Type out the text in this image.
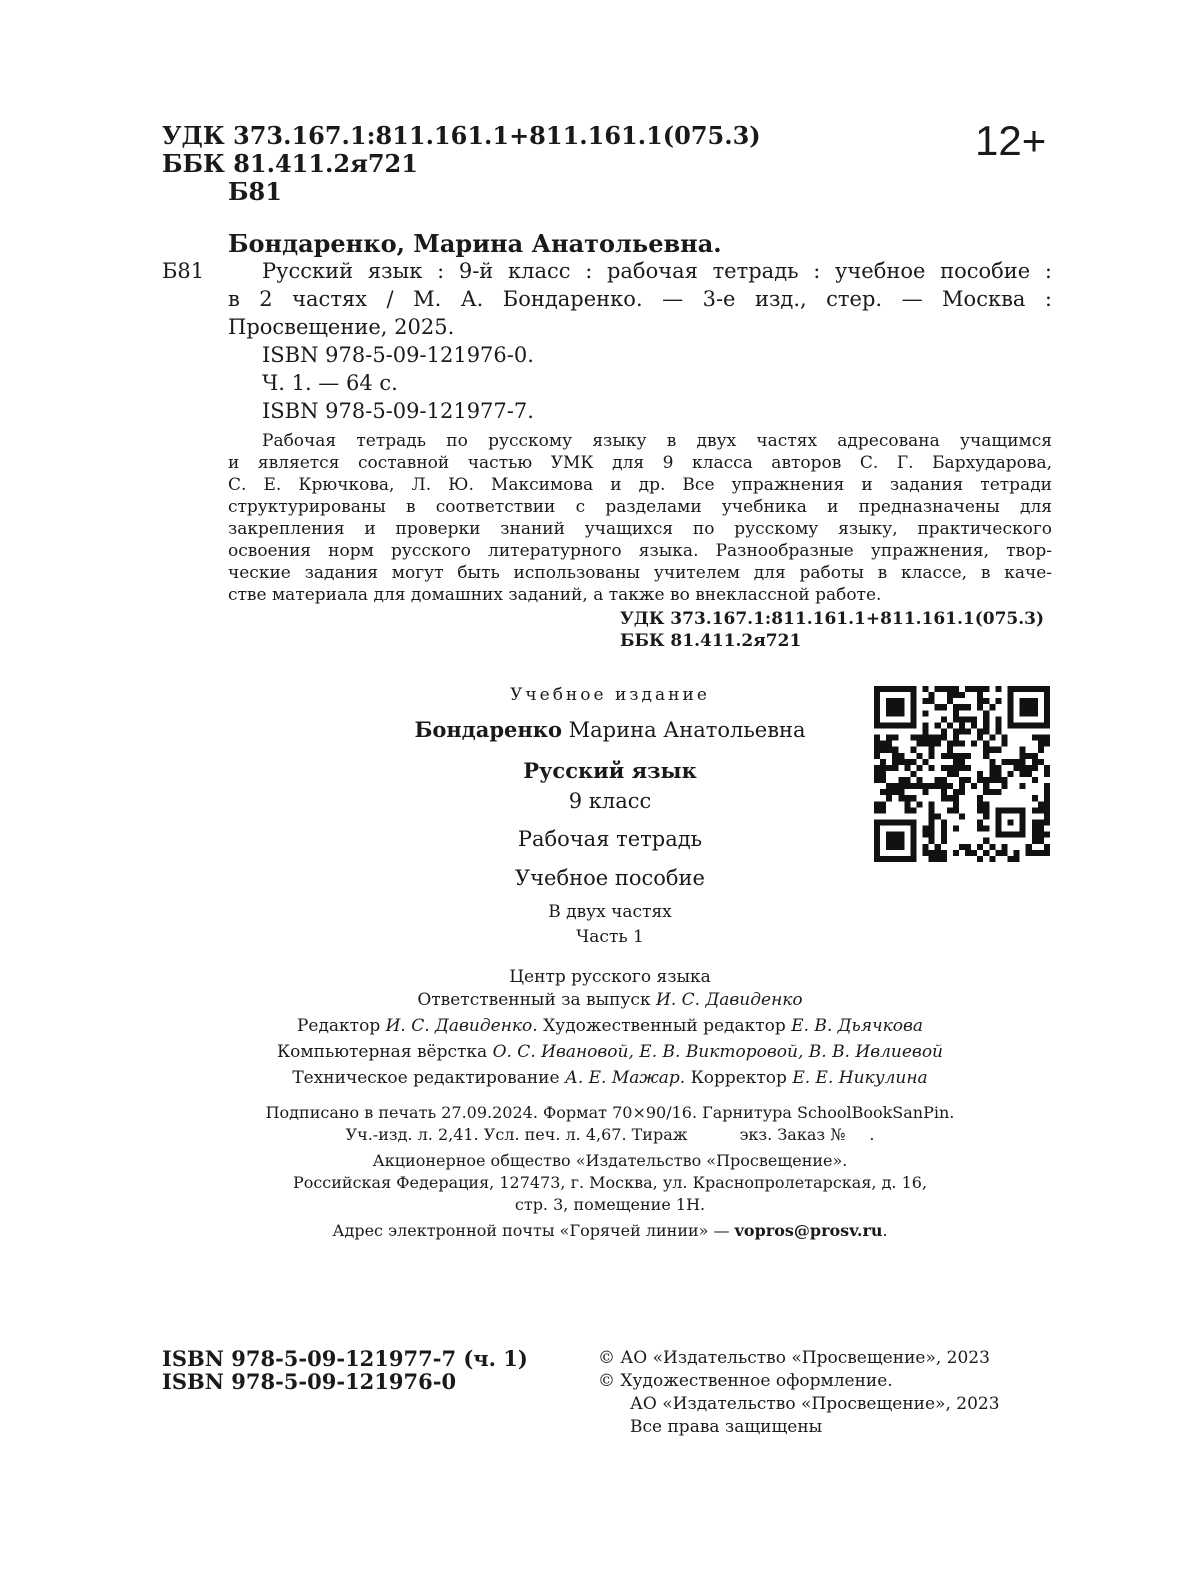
УДК 373.167.1:811.161.1+811.161.1(075.3)
ББК 81.411.2я721
Б81
12+
Бондаренко, Марина Анатольевна.
Б81	Русский язык : 9-й класс : рабочая тетрадь : учебное пособие :
в 2 частях / М. А. Бондаренко. — 3-е изд., стер. — Москва :
Просвещение, 2025.
ISBN 978-5-09-121976-0.
Ч. 1. — 64 с.
ISBN 978-5-09-121977-7.
Рабочая тетрадь по русскому языку в двух частях адресована учащимся
и является составной частью УМК для 9 класса авторов С. Г. Бархударова,
С. Е. Крючкова, Л. Ю. Максимова и др. Все упражнения и задания тетради
структурированы в соответствии с разделами учебника и предназначены для
закрепления и проверки знаний учащихся по русскому языку, практического
освоения норм русского литературного языка. Разнообразные упражнения, твор-
ческие задания могут быть использованы учителем для работы в классе, в каче-
стве материала для домашних заданий, а также во внеклассной работе.
УДК 373.167.1:811.161.1+811.161.1(075.3)
ББК 81.411.2я721
Учебное издание
Бондаренко Марина Анатольевна
Русский язык
9 класс
Рабочая тетрадь
Учебное пособие
В двух частях
Часть 1
Центр русского языка
Ответственный за выпуск И. С. Давиденко
Редактор И. С. Давиденко. Художественный редактор Е. В. Дьячкова
Компьютерная вёрстка О. С. Ивановой, Е. В. Викторовой, В. В. Ивлиевой
Техническое редактирование А. Е. Мажар. Корректор Е. Е. Никулина
Подписано в печать 27.09.2024. Формат 70×90/16. Гарнитура SchoolBookSanPin.
Уч.-изд. л. 2,41. Усл. печ. л. 4,67. Тираж	экз. Заказ № .
Акционерное общество «Издательство «Просвещение».
Российская Федерация, 127473, г. Москва, ул. Краснопролетарская, д. 16,
стр. 3, помещение 1Н.
Адрес электронной почты «Горячей линии» — vopros@prosv.ru.
ISBN 978-5-09-121977-7 (ч. 1)
ISBN 978-5-09-121976-0
© АО «Издательство «Просвещение», 2023
© Художественное оформление.
АО «Издательство «Просвещение», 2023
Все права защищены
